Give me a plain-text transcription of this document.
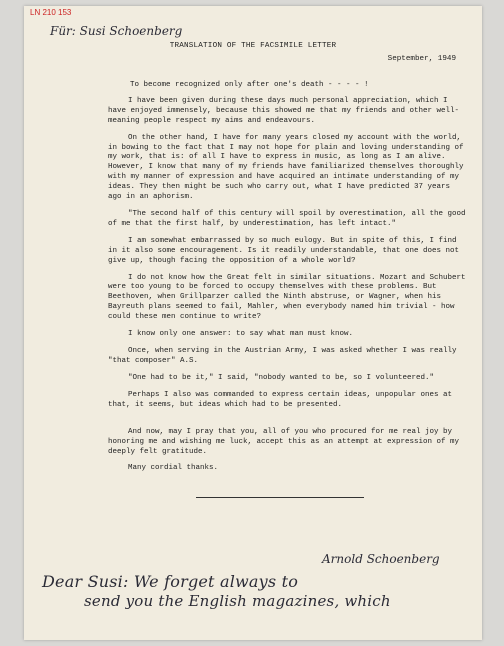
LN 210 153
Für: Susi Schoenberg
TRANSLATION OF THE FACSIMILE LETTER
September, 1949

To become recognized only after one's death - - - - !

I have been given during these days much personal appreciation, which I have enjoyed immensely, because this showed me that my friends and other well-meaning people respect my aims and endeavours.

On the other hand, I have for many years closed my account with the world, in bowing to the fact that I may not hope for plain and loving understanding of my work, that is: of all I have to express in music, as long as I am alive. However, I know that many of my friends have familiarized themselves thoroughly with my manner of expression and have acquired an intimate understanding of my ideas. They then might be such who carry out, what I have predicted 37 years ago in an aphorism.

"The second half of this century will spoil by overestimation, all the good of me that the first half, by underestimation, has left intact."

I am somewhat embarrassed by so much eulogy. But in spite of this, I find in it also some encouragement. Is it readily understandable, that one does not give up, though facing the opposition of a whole world?

I do not know how the Great felt in similar situations. Mozart and Schubert were too young to be forced to occupy themselves with these problems. But Beethoven, when Grillparzer called the Ninth abstruse, or Wagner, when his Bayreuth plans seemed to fail, Mahler, when everybody named him trivial - how could these men continue to write?

I know only one answer: to say what man must know.

Once, when serving in the Austrian Army, I was asked whether I was really "that composer" A.S.

"One had to be it," I said, "nobody wanted to be, so I volunteered."

Perhaps I also was commanded to express certain ideas, unpopular ones at that, it seems, but ideas which had to be presented.

And now, may I pray that you, all of you who procured for me real joy by honoring me and wishing me luck, accept this as an attempt at expression of my deeply felt gratitude.

Many cordial thanks.

Arnold Schoenberg
Dear Susi: We forget always to
send you the English magazines, which
